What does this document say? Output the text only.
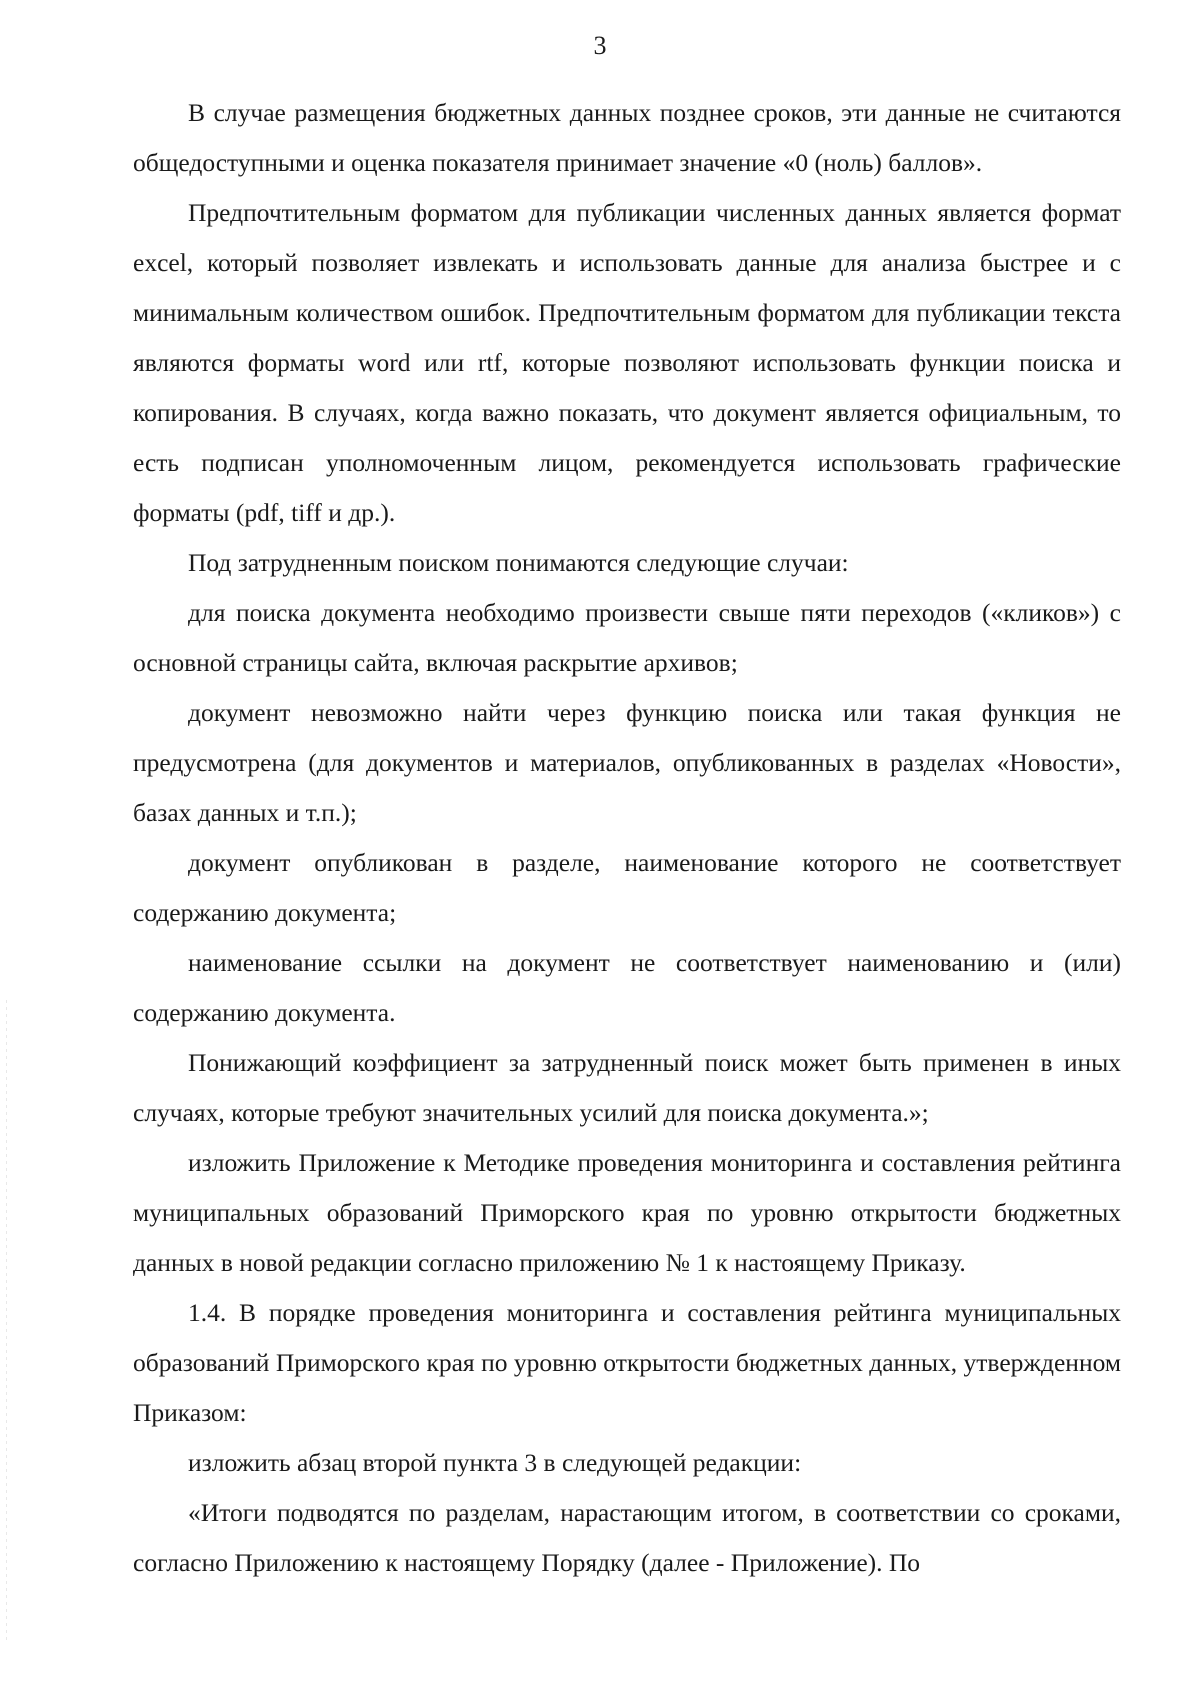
3

В случае размещения бюджетных данных позднее сроков, эти данные не считаются общедоступными и оценка показателя принимает значение «0 (ноль) баллов».

Предпочтительным форматом для публикации численных данных является формат excel, который позволяет извлекать и использовать данные для анализа быстрее и с минимальным количеством ошибок. Предпочтительным форматом для публикации текста являются форматы word или rtf, которые позволяют использовать функции поиска и копирования. В случаях, когда важно показать, что документ является официальным, то есть подписан уполномоченным лицом, рекомендуется использовать графические форматы (pdf, tiff и др.).

Под затрудненным поиском понимаются следующие случаи:

для поиска документа необходимо произвести свыше пяти переходов («кликов») с основной страницы сайта, включая раскрытие архивов;

документ невозможно найти через функцию поиска или такая функция не предусмотрена (для документов и материалов, опубликованных в разделах «Новости», базах данных и т.п.);

документ опубликован в разделе, наименование которого не соответствует содержанию документа;

наименование ссылки на документ не соответствует наименованию и (или) содержанию документа.

Понижающий коэффициент за затрудненный поиск может быть применен в иных случаях, которые требуют значительных усилий для поиска документа.»;

изложить Приложение к Методике проведения мониторинга и составления рейтинга муниципальных образований Приморского края по уровню открытости бюджетных данных в новой редакции согласно приложению № 1 к настоящему Приказу.

1.4. В порядке проведения мониторинга и составления рейтинга муниципальных образований Приморского края по уровню открытости бюджетных данных, утвержденном Приказом:

изложить абзац второй пункта 3 в следующей редакции:

«Итоги подводятся по разделам, нарастающим итогом, в соответствии со сроками, согласно Приложению к настоящему Порядку (далее - Приложение). По
